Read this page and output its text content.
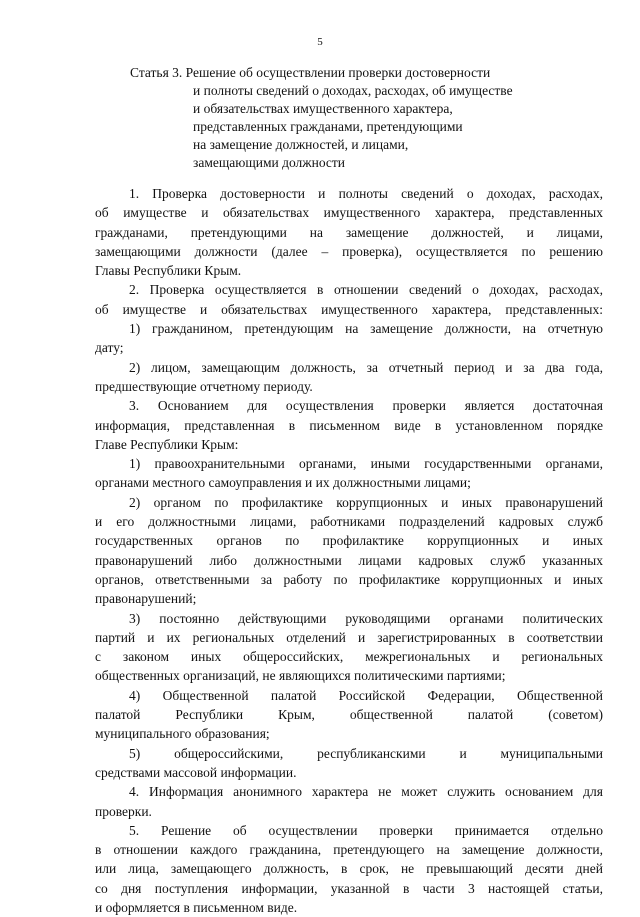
5
Статья 3. Решение об осуществлении проверки достоверности
и полноты сведений о доходах, расходах, об имуществе
и обязательствах имущественного характера,
представленных гражданами, претендующими
на замещение должностей, и лицами,
замещающими должности
1. Проверка достоверности и полноты сведений о доходах, расходах,
об имуществе и обязательствах имущественного характера, представленных
гражданами, претендующими на замещение должностей, и лицами,
замещающими должности (далее – проверка), осуществляется по решению
Главы Республики Крым.
2. Проверка осуществляется в отношении сведений о доходах, расходах,
об имуществе и обязательствах имущественного характера, представленных:
1) гражданином, претендующим на замещение должности, на отчетную
дату;
2) лицом, замещающим должность, за отчетный период и за два года,
предшествующие отчетному периоду.
3. Основанием для осуществления проверки является достаточная
информация, представленная в письменном виде в установленном порядке
Главе Республики Крым:
1) правоохранительными органами, иными государственными органами,
органами местного самоуправления и их должностными лицами;
2) органом по профилактике коррупционных и иных правонарушений
и его должностными лицами, работниками подразделений кадровых служб
государственных органов по профилактике коррупционных и иных
правонарушений либо должностными лицами кадровых служб указанных
органов, ответственными за работу по профилактике коррупционных и иных
правонарушений;
3) постоянно действующими руководящими органами политических
партий и их региональных отделений и зарегистрированных в соответствии
с законом иных общероссийских, межрегиональных и региональных
общественных организаций, не являющихся политическими партиями;
4) Общественной палатой Российской Федерации, Общественной
палатой Республики Крым, общественной палатой (советом)
муниципального образования;
5) общероссийскими, республиканскими и муниципальными
средствами массовой информации.
4. Информация анонимного характера не может служить основанием для
проверки.
5. Решение об осуществлении проверки принимается отдельно
в отношении каждого гражданина, претендующего на замещение должности,
или лица, замещающего должность, в срок, не превышающий десяти дней
со дня поступления информации, указанной в части 3 настоящей статьи,
и оформляется в письменном виде.
